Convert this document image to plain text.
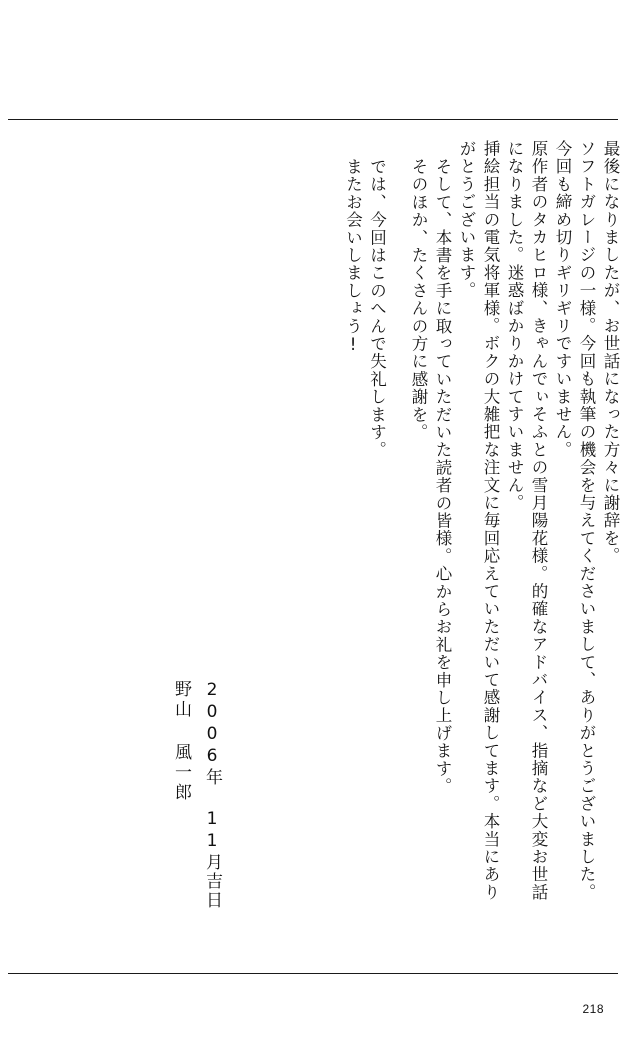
最後になりましたが、お世話になった方々に謝辞を。
ソフトガレージの一様。今回も執筆の機会を与えてくださいまして、ありがとうございました。
今回も締め切りギリギリですいません。
原作者のタカヒロ様、きゃんでぃそふとの雪月陽花様。的確なアドバイス、指摘など大変お世話
になりました。迷惑ばかりかけてすいません。
挿絵担当の電気将軍様。ボクの大雑把な注文に毎回応えていただいて感謝してます。本当にあり
がとうございます。
そして、本書を手に取っていただいた読者の皆様。心からお礼を申し上げます。
そのほか、たくさんの方に感謝を。
では、今回はこのへんで失礼します。
またお会いしましょう!
2006年 11月吉日
野山 風一郎
218
